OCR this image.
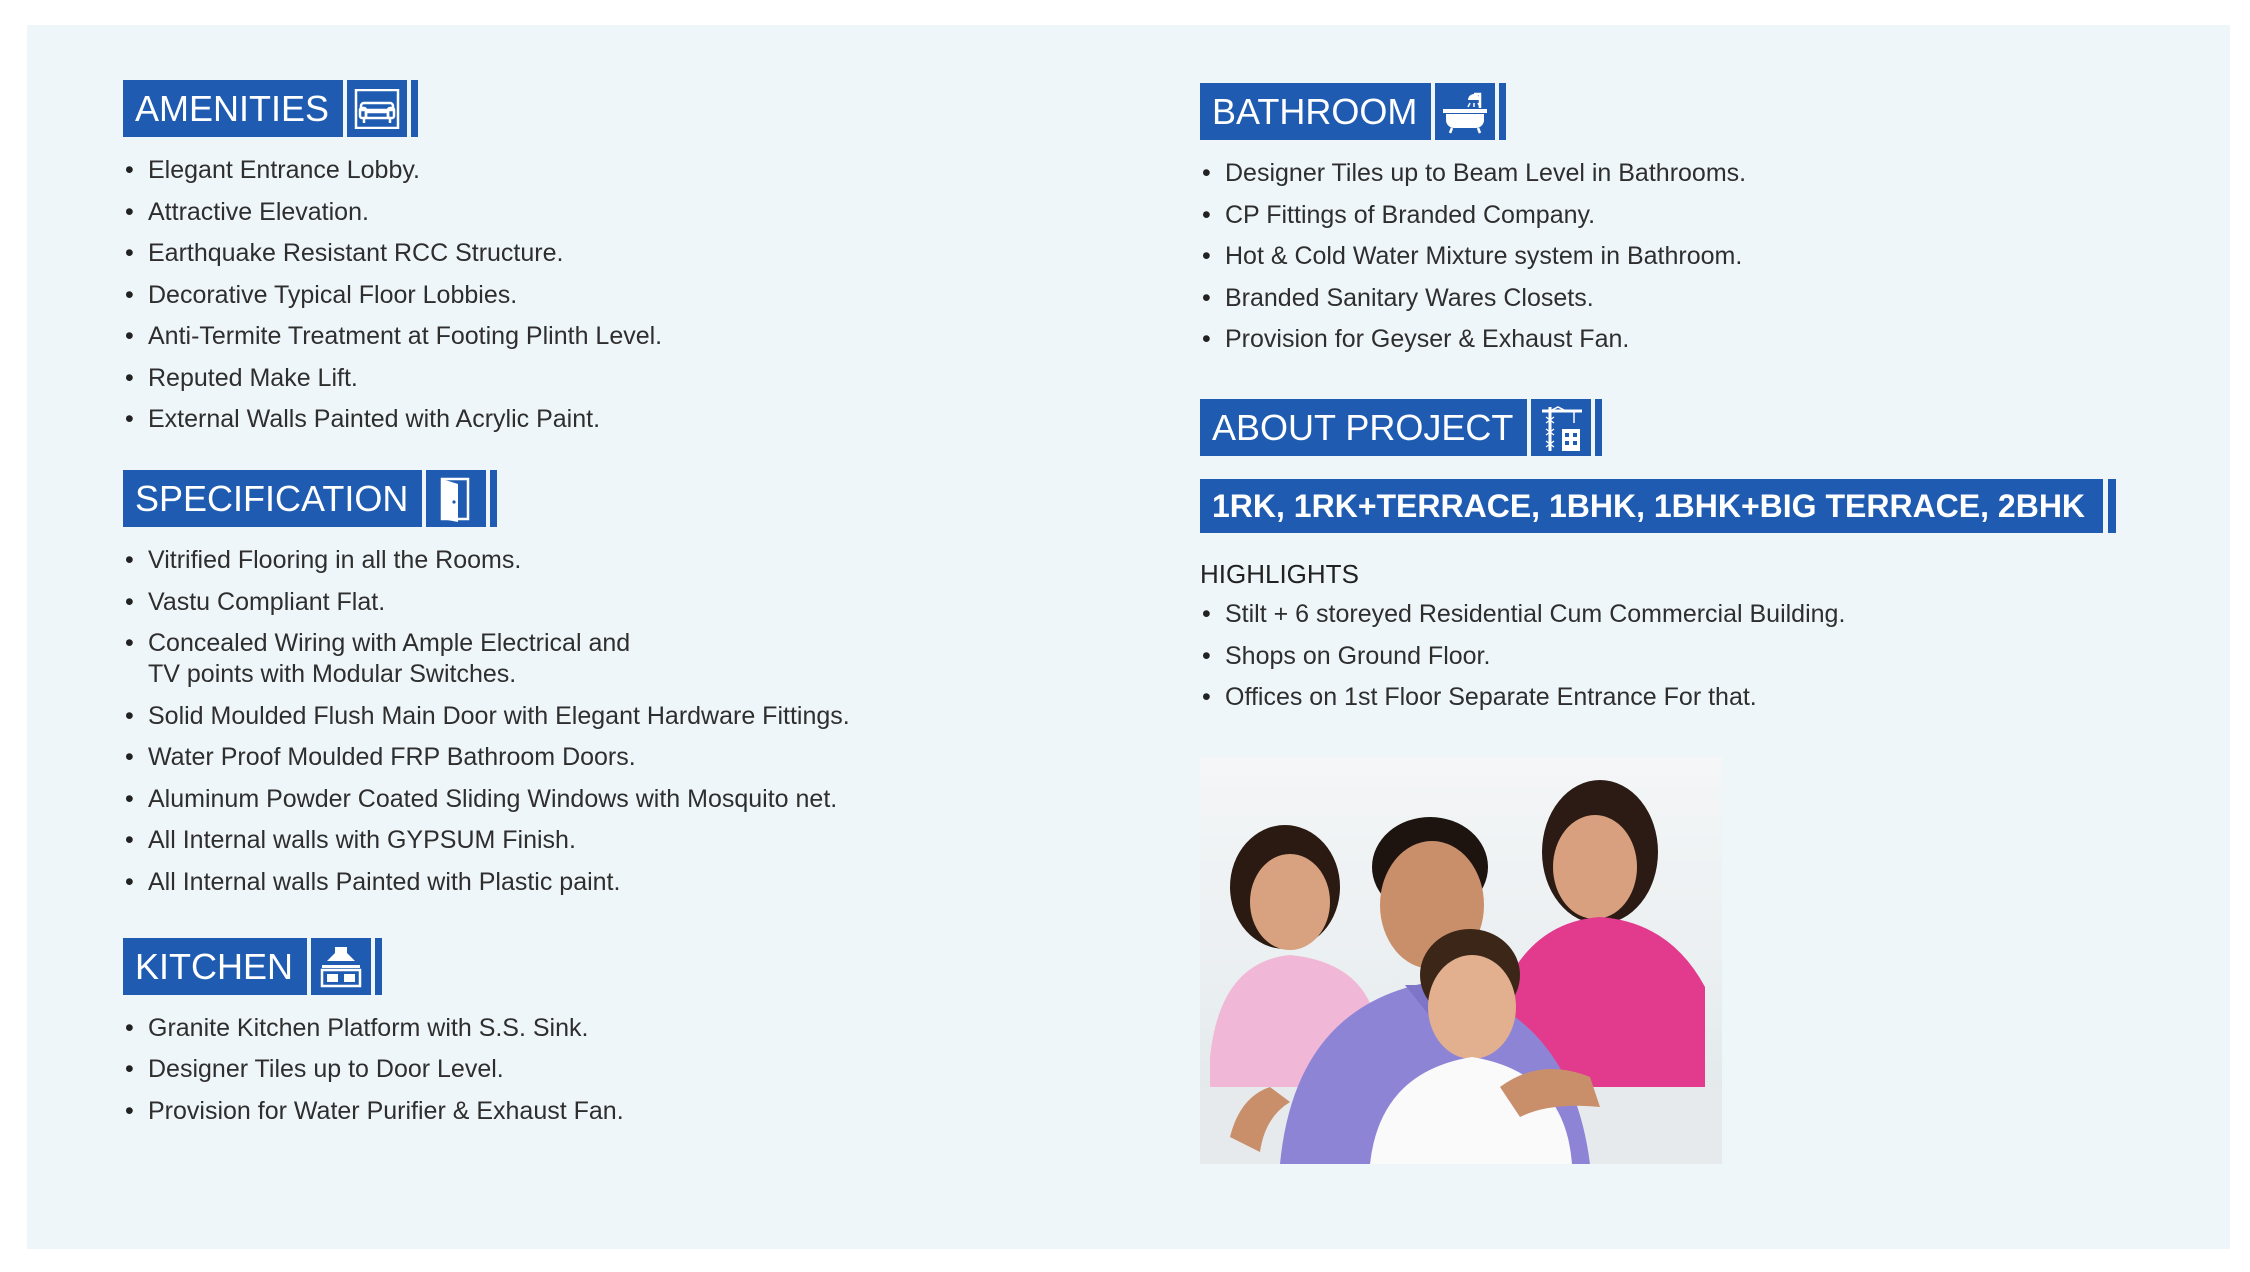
AMENITIES
• Elegant Entrance Lobby.
• Attractive Elevation.
• Earthquake Resistant RCC Structure.
• Decorative Typical Floor Lobbies.
• Anti-Termite Treatment at Footing Plinth Level.
• Reputed Make Lift.
• External Walls Painted with Acrylic Paint.
SPECIFICATION
• Vitrified Flooring in all the Rooms.
• Vastu Compliant Flat.
• Concealed Wiring with Ample Electrical and
TV points with Modular Switches.
• Solid Moulded Flush Main Door with Elegant Hardware Fittings.
• Water Proof Moulded FRP Bathroom Doors.
• Aluminum Powder Coated Sliding Windows with Mosquito net.
• All Internal walls with GYPSUM Finish.
• All Internal walls Painted with Plastic paint.
KITCHEN
• Granite Kitchen Platform with S.S. Sink.
• Designer Tiles up to Door Level.
• Provision for Water Purifier & Exhaust Fan.
BATHROOM
• Designer Tiles up to Beam Level in Bathrooms.
• CP Fittings of Branded Company.
• Hot & Cold Water Mixture system in Bathroom.
• Branded Sanitary Wares Closets.
• Provision for Geyser & Exhaust Fan.
ABOUT PROJECT
1RK, 1RK+TERRACE, 1BHK, 1BHK+BIG TERRACE, 2BHK
HIGHLIGHTS
• Stilt + 6 storeyed Residential Cum Commercial Building.
• Shops on Ground Floor.
• Offices on 1st Floor Separate Entrance For that.
